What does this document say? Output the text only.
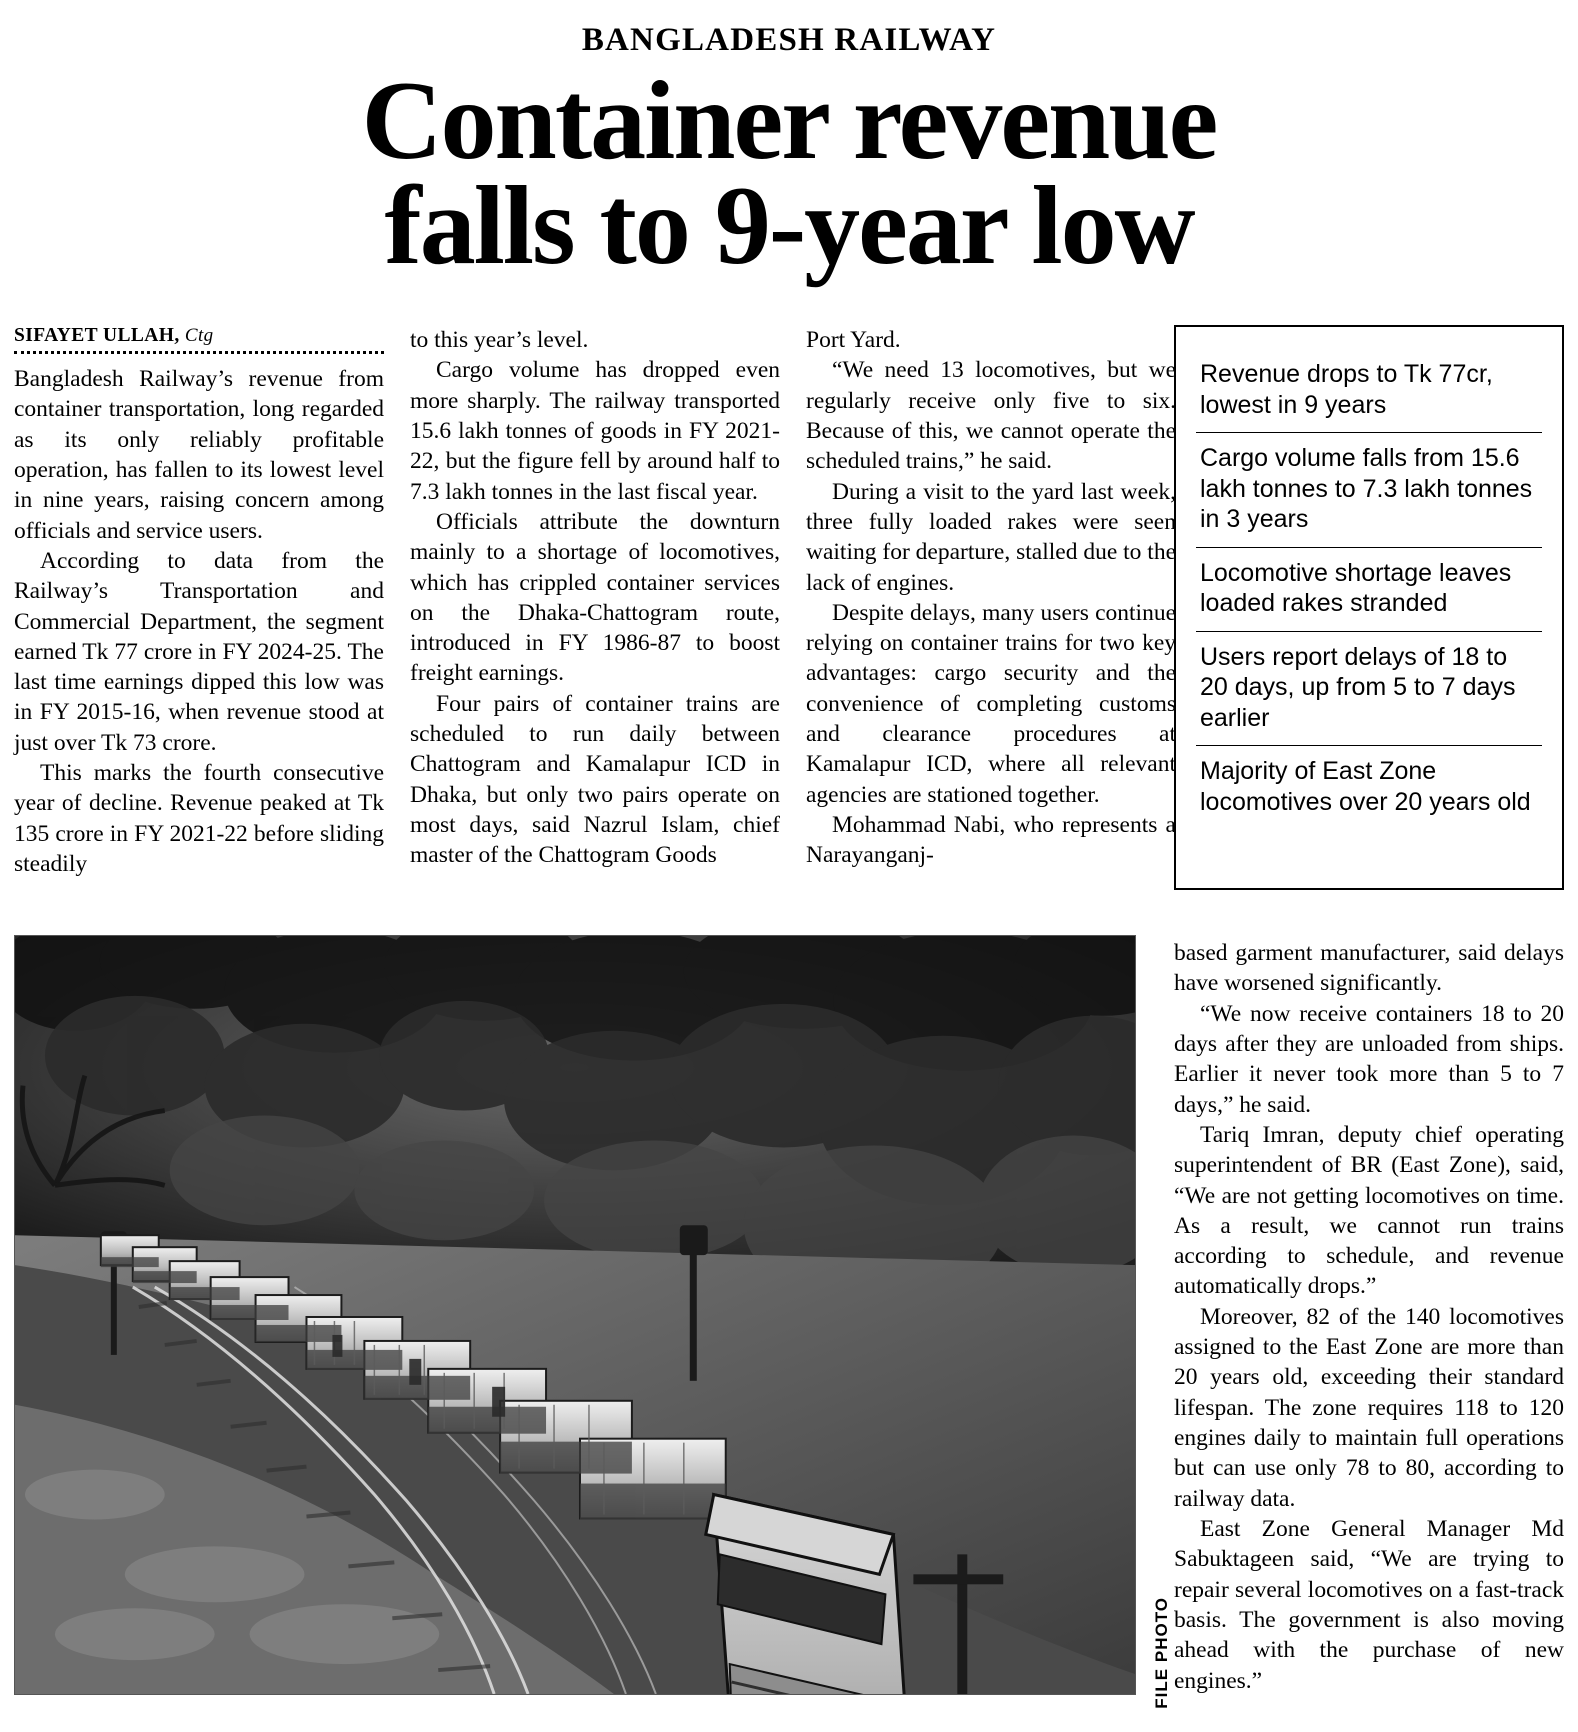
BANGLADESH RAILWAY
Container revenue
falls to 9-year low
SIFAYET ULLAH, Ctg

Bangladesh Railway’s revenue from container transportation, long regarded as its only reliably profitable operation, has fallen to its lowest level in nine years, raising concern among officials and service users.

According to data from the Railway’s Transportation and Commercial Department, the segment earned Tk 77 crore in FY 2024-25. The last time earnings dipped this low was in FY 2015-16, when revenue stood at just over Tk 73 crore.

This marks the fourth consecutive year of decline. Revenue peaked at Tk 135 crore in FY 2021-22 before sliding steadily

to this year’s level.

Cargo volume has dropped even more sharply. The railway transported 15.6 lakh tonnes of goods in FY 2021-22, but the figure fell by around half to 7.3 lakh tonnes in the last fiscal year.

Officials attribute the downturn mainly to a shortage of locomotives, which has crippled container services on the Dhaka-Chattogram route, introduced in FY 1986-87 to boost freight earnings.

Four pairs of container trains are scheduled to run daily between Chattogram and Kamalapur ICD in Dhaka, but only two pairs operate on most days, said Nazrul Islam, chief master of the Chattogram Goods

Port Yard.

“We need 13 locomotives, but we regularly receive only five to six. Because of this, we cannot operate the scheduled trains,” he said.

During a visit to the yard last week, three fully loaded rakes were seen waiting for departure, stalled due to the lack of engines.

Despite delays, many users continue relying on container trains for two key advantages: cargo security and the convenience of completing customs and clearance procedures at Kamalapur ICD, where all relevant agencies are stationed together.

Mohammad Nabi, who represents a Narayanganj-

Revenue drops to Tk 77cr, lowest in 9 years
Cargo volume falls from 15.6 lakh tonnes to 7.3 lakh tonnes in 3 years
Locomotive shortage leaves loaded rakes stranded
Users report delays of 18 to 20 days, up from 5 to 7 days earlier
Majority of East Zone locomotives over 20 years old
FILE PHOTO

based garment manufacturer, said delays have worsened significantly.

“We now receive containers 18 to 20 days after they are unloaded from ships. Earlier it never took more than 5 to 7 days,” he said.

Tariq Imran, deputy chief operating superintendent of BR (East Zone), said, “We are not getting locomotives on time. As a result, we cannot run trains according to schedule, and revenue automatically drops.”

Moreover, 82 of the 140 locomotives assigned to the East Zone are more than 20 years old, exceeding their standard lifespan. The zone requires 118 to 120 engines daily to maintain full operations but can use only 78 to 80, according to railway data.

East Zone General Manager Md Sabuktageen said, “We are trying to repair several locomotives on a fast-track basis. The government is also moving ahead with the purchase of new engines.”
